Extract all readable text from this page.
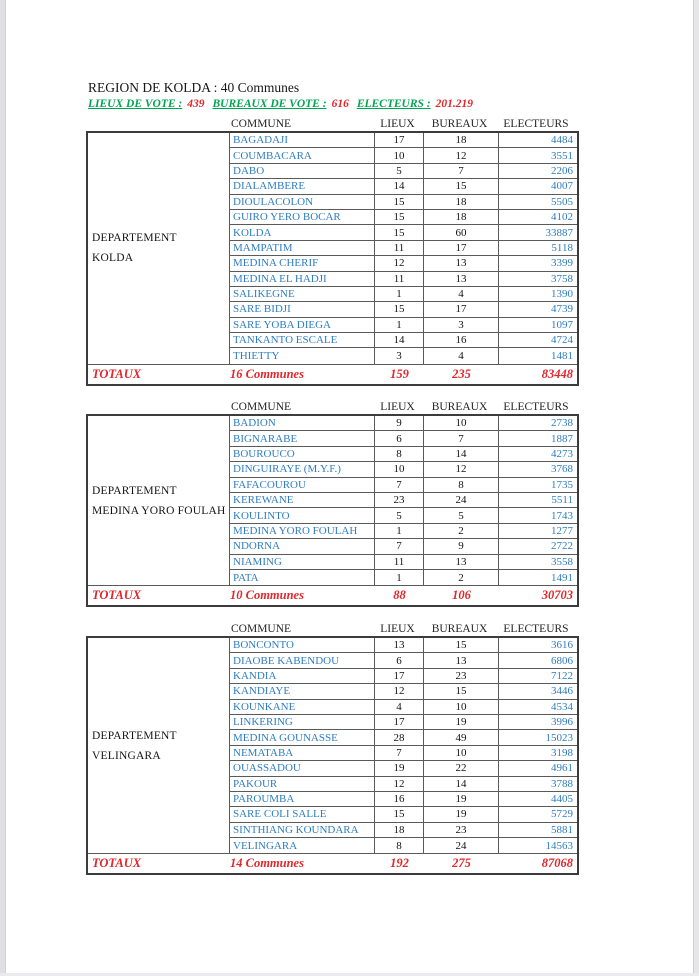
REGION DE KOLDA : 40 Communes
LIEUX DE VOTE : 439 BUREAUX DE VOTE : 616 ELECTEURS : 201.219
COMMUNE	LIEUX	BUREAUX	ELECTEURS
DEPARTEMENT
KOLDA
BAGADAJI	17	18	4484
COUMBACARA	10	12	3551
DABO	5	7	2206
DIALAMBERE	14	15	4007
DIOULACOLON	15	18	5505
GUIRO YERO BOCAR	15	18	4102
KOLDA	15	60	33887
MAMPATIM	11	17	5118
MEDINA CHERIF	12	13	3399
MEDINA EL HADJI	11	13	3758
SALIKEGNE	1	4	1390
SARE BIDJI	15	17	4739
SARE YOBA DIEGA	1	3	1097
TANKANTO ESCALE	14	16	4724
THIETTY	3	4	1481
TOTAUX	16 Communes	159	235	83448
COMMUNE	LIEUX	BUREAUX	ELECTEURS
DEPARTEMENT
MEDINA YORO FOULAH
BADION	9	10	2738
BIGNARABE	6	7	1887
BOUROUCO	8	14	4273
DINGUIRAYE (M.Y.F.)	10	12	3768
FAFACOUROU	7	8	1735
KEREWANE	23	24	5511
KOULINTO	5	5	1743
MEDINA YORO FOULAH	1	2	1277
NDORNA	7	9	2722
NIAMING	11	13	3558
PATA	1	2	1491
TOTAUX	10 Communes	88	106	30703
COMMUNE	LIEUX	BUREAUX	ELECTEURS
DEPARTEMENT
VELINGARA
BONCONTO	13	15	3616
DIAOBE KABENDOU	6	13	6806
KANDIA	17	23	7122
KANDIAYE	12	15	3446
KOUNKANE	4	10	4534
LINKERING	17	19	3996
MEDINA GOUNASSE	28	49	15023
NEMATABA	7	10	3198
OUASSADOU	19	22	4961
PAKOUR	12	14	3788
PAROUMBA	16	19	4405
SARE COLI SALLE	15	19	5729
SINTHIANG KOUNDARA	18	23	5881
VELINGARA	8	24	14563
TOTAUX	14 Communes	192	275	87068
